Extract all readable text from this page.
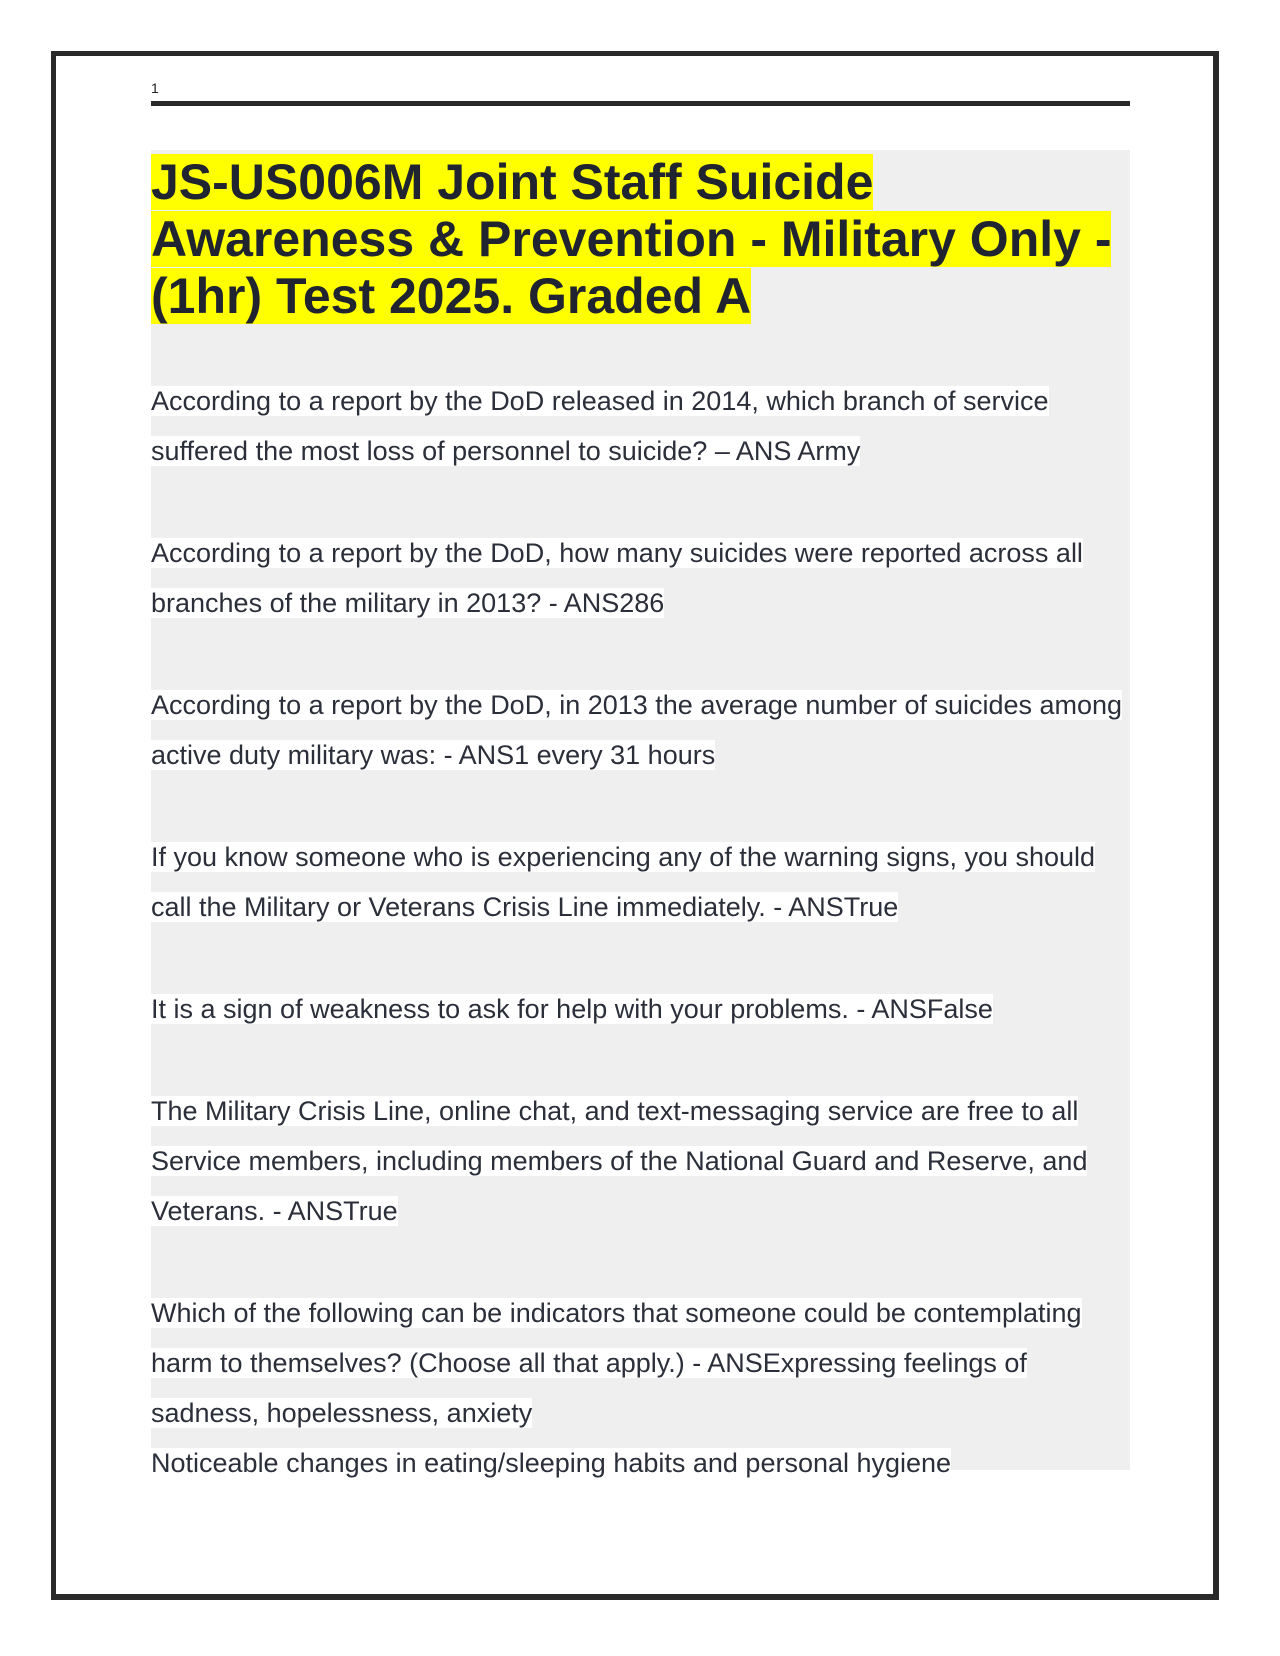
1
JS-US006M Joint Staff Suicide Awareness & Prevention - Military Only - (1hr) Test 2025. Graded A
According to a report by the DoD released in 2014, which branch of service suffered the most loss of personnel to suicide? – ANS Army
According to a report by the DoD, how many suicides were reported across all branches of the military in 2013? - ANS286
According to a report by the DoD, in 2013 the average number of suicides among active duty military was: - ANS1 every 31 hours
If you know someone who is experiencing any of the warning signs, you should call the Military or Veterans Crisis Line immediately. - ANSTrue
It is a sign of weakness to ask for help with your problems. - ANSFalse
The Military Crisis Line, online chat, and text-messaging service are free to all Service members, including members of the National Guard and Reserve, and Veterans. - ANSTrue
Which of the following can be indicators that someone could be contemplating harm to themselves? (Choose all that apply.) - ANSExpressing feelings of sadness, hopelessness, anxiety
Noticeable changes in eating/sleeping habits and personal hygiene
